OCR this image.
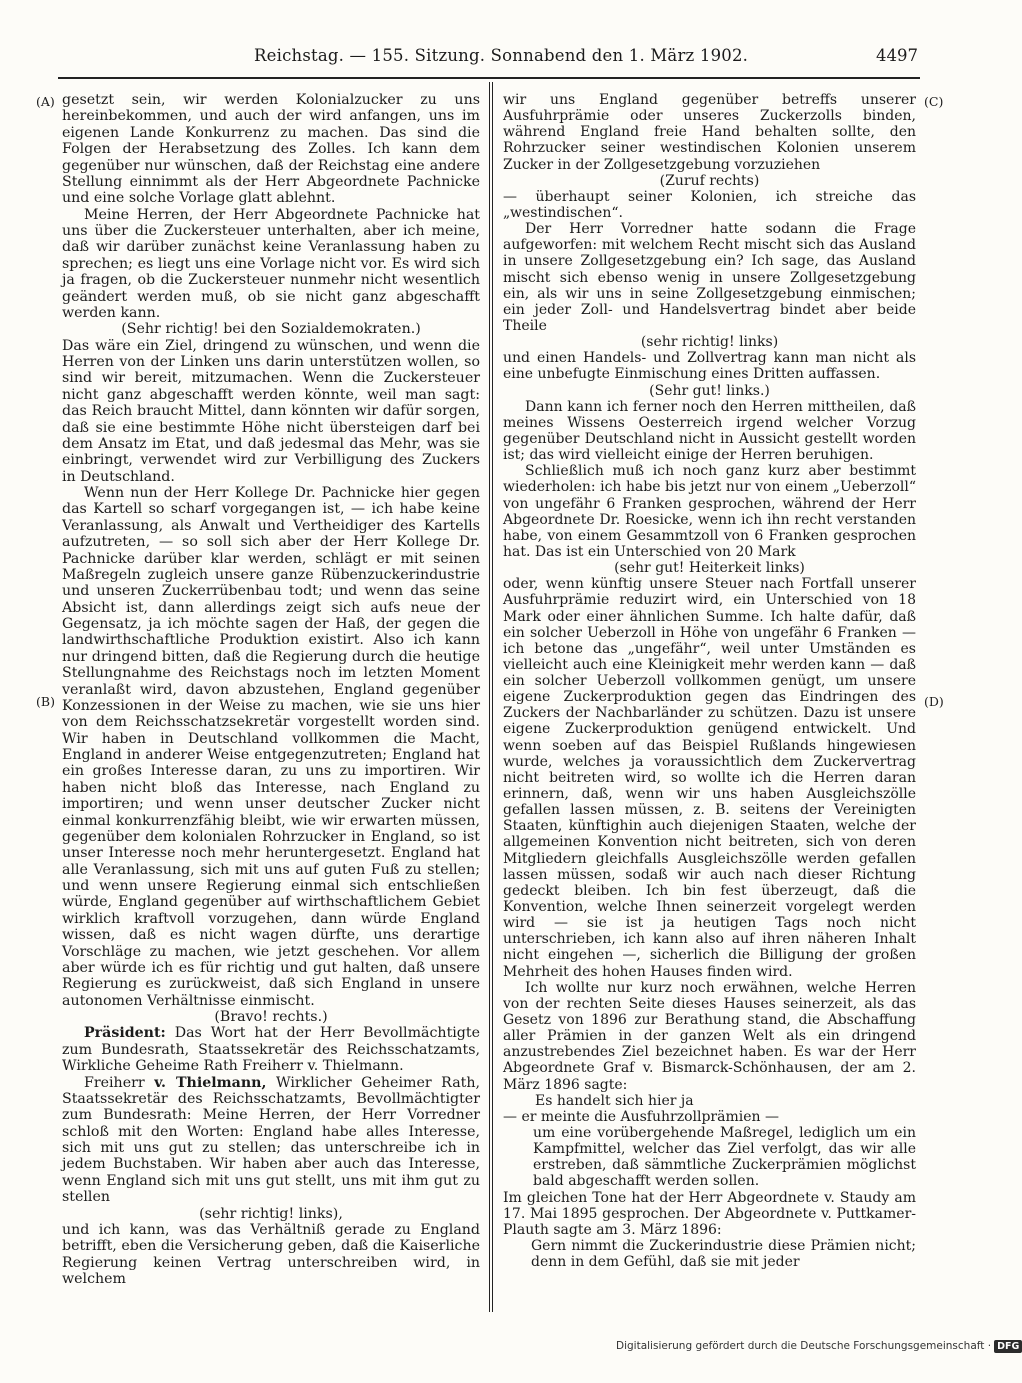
Reichstag. — 155. Sitzung. Sonnabend den 1. März 1902.	4497
(A)
(B)
(C)
(D)

gesetzt sein, wir werden Kolonialzucker zu uns hereinbekommen, und auch der wird anfangen, uns im eigenen Lande Konkurrenz zu machen. Das sind die Folgen der Herabsetzung des Zolles. Ich kann dem gegenüber nur wünschen, daß der Reichstag eine andere Stellung einnimmt als der Herr Abgeordnete Pachnicke und eine solche Vorlage glatt ablehnt.

Meine Herren, der Herr Abgeordnete Pachnicke hat uns über die Zuckersteuer unterhalten, aber ich meine, daß wir darüber zunächst keine Veranlassung haben zu sprechen; es liegt uns eine Vorlage nicht vor. Es wird sich ja fragen, ob die Zuckersteuer nunmehr nicht wesentlich geändert werden muß, ob sie nicht ganz abgeschafft werden kann.

(Sehr richtig! bei den Sozialdemokraten.)

Das wäre ein Ziel, dringend zu wünschen, und wenn die Herren von der Linken uns darin unterstützen wollen, so sind wir bereit, mitzumachen. Wenn die Zuckersteuer nicht ganz abgeschafft werden könnte, weil man sagt: das Reich braucht Mittel, dann könnten wir dafür sorgen, daß sie eine bestimmte Höhe nicht übersteigen darf bei dem Ansatz im Etat, und daß jedesmal das Mehr, was sie einbringt, verwendet wird zur Verbilligung des Zuckers in Deutschland.

Wenn nun der Herr Kollege Dr. Pachnicke hier gegen das Kartell so scharf vorgegangen ist, — ich habe keine Veranlassung, als Anwalt und Vertheidiger des Kartells aufzutreten, — so soll sich aber der Herr Kollege Dr. Pachnicke darüber klar werden, schlägt er mit seinen Maßregeln zugleich unsere ganze Rübenzuckerindustrie und unseren Zuckerrübenbau todt; und wenn das seine Absicht ist, dann allerdings zeigt sich aufs neue der Gegensatz, ja ich möchte sagen der Haß, der gegen die landwirthschaftliche Produktion existirt. Also ich kann nur dringend bitten, daß die Regierung durch die heutige Stellungnahme des Reichstags noch im letzten Moment veranlaßt wird, davon abzustehen, England gegenüber Konzessionen in der Weise zu machen, wie sie uns hier von dem Reichsschatzsekretär vorgestellt worden sind. Wir haben in Deutschland vollkommen die Macht, England in anderer Weise entgegenzutreten; England hat ein großes Interesse daran, zu uns zu importiren. Wir haben nicht bloß das Interesse, nach England zu importiren; und wenn unser deutscher Zucker nicht einmal konkurrenzfähig bleibt, wie wir erwarten müssen, gegenüber dem kolonialen Rohrzucker in England, so ist unser Interesse noch mehr heruntergesetzt. England hat alle Veranlassung, sich mit uns auf guten Fuß zu stellen; und wenn unsere Regierung einmal sich entschließen würde, England gegenüber auf wirthschaftlichem Gebiet wirklich kraftvoll vorzugehen, dann würde England wissen, daß es nicht wagen dürfte, uns derartige Vorschläge zu machen, wie jetzt geschehen. Vor allem aber würde ich es für richtig und gut halten, daß unsere Regierung es zurückweist, daß sich England in unsere autonomen Verhältnisse einmischt.

(Bravo! rechts.)

Präsident: Das Wort hat der Herr Bevollmächtigte zum Bundesrath, Staatssekretär des Reichsschatzamts, Wirkliche Geheime Rath Freiherr v. Thielmann.

Freiherr v. Thielmann, Wirklicher Geheimer Rath, Staatssekretär des Reichsschatzamts, Bevollmächtigter zum Bundesrath: Meine Herren, der Herr Vorredner schloß mit den Worten: England habe alles Interesse, sich mit uns gut zu stellen; das unterschreibe ich in jedem Buchstaben. Wir haben aber auch das Interesse, wenn England sich mit uns gut stellt, uns mit ihm gut zu stellen

(sehr richtig! links),

und ich kann, was das Verhältniß gerade zu England betrifft, eben die Versicherung geben, daß die Kaiserliche Regierung keinen Vertrag unterschreiben wird, in welchem

wir uns England gegenüber betreffs unserer Ausfuhrprämie oder unseres Zuckerzolls binden, während England freie Hand behalten sollte, den Rohrzucker seiner westindischen Kolonien unserem Zucker in der Zollgesetzgebung vorzuziehen

(Zuruf rechts)

— überhaupt seiner Kolonien, ich streiche das „westindischen“.

Der Herr Vorredner hatte sodann die Frage aufgeworfen: mit welchem Recht mischt sich das Ausland in unsere Zollgesetzgebung ein? Ich sage, das Ausland mischt sich ebenso wenig in unsere Zollgesetzgebung ein, als wir uns in seine Zollgesetzgebung einmischen; ein jeder Zoll- und Handelsvertrag bindet aber beide Theile

(sehr richtig! links)

und einen Handels- und Zollvertrag kann man nicht als eine unbefugte Einmischung eines Dritten auffassen.

(Sehr gut! links.)

Dann kann ich ferner noch den Herren mittheilen, daß meines Wissens Oesterreich irgend welcher Vorzug gegenüber Deutschland nicht in Aussicht gestellt worden ist; das wird vielleicht einige der Herren beruhigen.

Schließlich muß ich noch ganz kurz aber bestimmt wiederholen: ich habe bis jetzt nur von einem „Ueberzoll“ von ungefähr 6 Franken gesprochen, während der Herr Abgeordnete Dr. Roesicke, wenn ich ihn recht verstanden habe, von einem Gesammtzoll von 6 Franken gesprochen hat. Das ist ein Unterschied von 20 Mark

(sehr gut! Heiterkeit links)

oder, wenn künftig unsere Steuer nach Fortfall unserer Ausfuhrprämie reduzirt wird, ein Unterschied von 18 Mark oder einer ähnlichen Summe. Ich halte dafür, daß ein solcher Ueberzoll in Höhe von ungefähr 6 Franken — ich betone das „ungefähr“, weil unter Umständen es vielleicht auch eine Kleinigkeit mehr werden kann — daß ein solcher Ueberzoll vollkommen genügt, um unsere eigene Zuckerproduktion gegen das Eindringen des Zuckers der Nachbarländer zu schützen. Dazu ist unsere eigene Zuckerproduktion genügend entwickelt. Und wenn soeben auf das Beispiel Rußlands hingewiesen wurde, welches ja voraussichtlich dem Zuckervertrag nicht beitreten wird, so wollte ich die Herren daran erinnern, daß, wenn wir uns haben Ausgleichszölle gefallen lassen müssen, z. B. seitens der Vereinigten Staaten, künftighin auch diejenigen Staaten, welche der allgemeinen Konvention nicht beitreten, sich von deren Mitgliedern gleichfalls Ausgleichszölle werden gefallen lassen müssen, sodaß wir auch nach dieser Richtung gedeckt bleiben. Ich bin fest überzeugt, daß die Konvention, welche Ihnen seinerzeit vorgelegt werden wird — sie ist ja heutigen Tags noch nicht unterschrieben, ich kann also auf ihren näheren Inhalt nicht eingehen —, sicherlich die Billigung der großen Mehrheit des hohen Hauses finden wird.

Ich wollte nur kurz noch erwähnen, welche Herren von der rechten Seite dieses Hauses seinerzeit, als das Gesetz von 1896 zur Berathung stand, die Abschaffung aller Prämien in der ganzen Welt als ein dringend anzustrebendes Ziel bezeichnet haben. Es war der Herr Abgeordnete Graf v. Bismarck-Schönhausen, der am 2. März 1896 sagte:

Es handelt sich hier ja

— er meinte die Ausfuhrzollprämien —

um eine vorübergehende Maßregel, lediglich um ein Kampfmittel, welcher das Ziel verfolgt, das wir alle erstreben, daß sämmtliche Zuckerprämien möglichst bald abgeschafft werden sollen.

Im gleichen Tone hat der Herr Abgeordnete v. Staudy am 17. Mai 1895 gesprochen. Der Abgeordnete v. Puttkamer-Plauth sagte am 3. März 1896:

Gern nimmt die Zuckerindustrie diese Prämien nicht; denn in dem Gefühl, daß sie mit jeder

Digitalisierung gefördert durch die Deutsche Forschungsgemeinschaft · DFG
